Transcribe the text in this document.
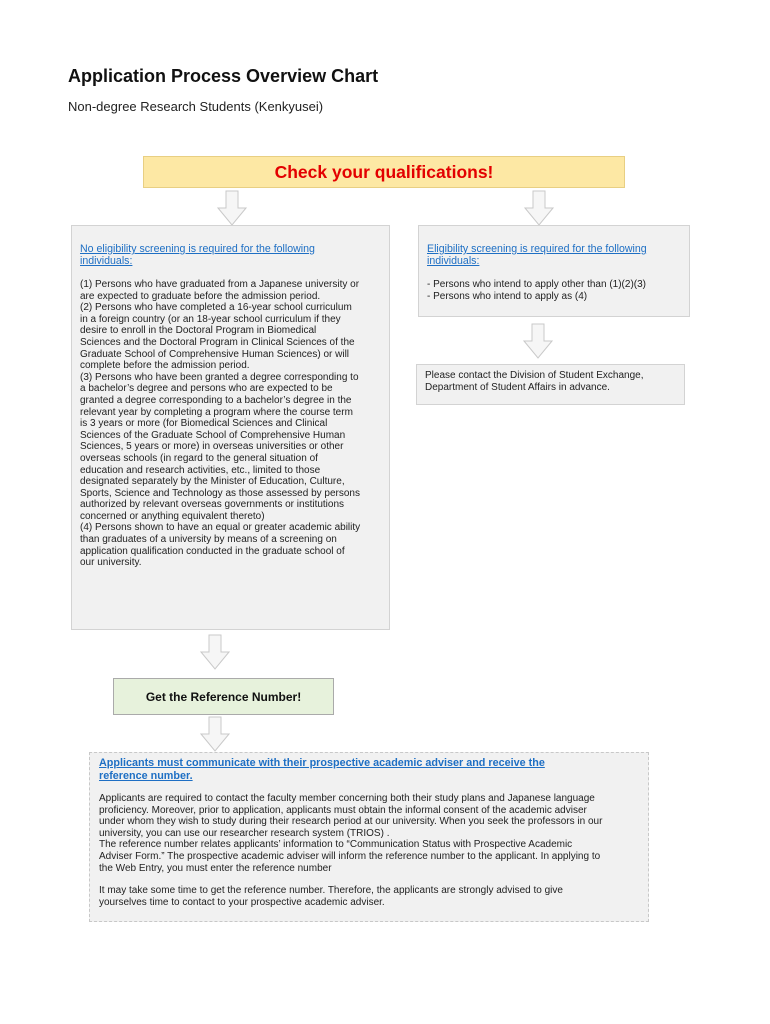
Application Process Overview Chart
Non-degree Research Students (Kenkyusei)
Check your qualifications!
No eligibility screening is required for the following
individuals:
(1) Persons who have graduated from a Japanese university or
are expected to graduate before the admission period.
(2) Persons who have completed a 16-year school curriculum
in a foreign country (or an 18-year school curriculum if they
desire to enroll in the Doctoral Program in Biomedical
Sciences and the Doctoral Program in Clinical Sciences of the
Graduate School of Comprehensive Human Sciences) or will
complete before the admission period.
(3) Persons who have been granted a degree corresponding to
a bachelor’s degree and persons who are expected to be
granted a degree corresponding to a bachelor’s degree in the
relevant year by completing a program where the course term
is 3 years or more (for Biomedical Sciences and Clinical
Sciences of the Graduate School of Comprehensive Human
Sciences, 5 years or more) in overseas universities or other
overseas schools (in regard to the general situation of
education and research activities, etc., limited to those
designated separately by the Minister of Education, Culture,
Sports, Science and Technology as those assessed by persons
authorized by relevant overseas governments or institutions
concerned or anything equivalent thereto)
(4) Persons shown to have an equal or greater academic ability
than graduates of a university by means of a screening on
application qualification conducted in the graduate school of
our university.
Eligibility screening is required for the following
individuals:
- Persons who intend to apply other than (1)(2)(3)
- Persons who intend to apply as (4)
Please contact the Division of Student Exchange,
Department of Student Affairs in advance.
Get the Reference Number!
Applicants must communicate with their prospective academic adviser and receive the
reference number.
Applicants are required to contact the faculty member concerning both their study plans and Japanese language
proficiency. Moreover, prior to application, applicants must obtain the informal consent of the academic adviser
under whom they wish to study during their research period at our university. When you seek the professors in our
university, you can use our researcher research system (TRIOS) .
The reference number relates applicants’ information to “Communication Status with Prospective Academic
Adviser Form.” The prospective academic adviser will inform the reference number to the applicant. In applying to
the Web Entry, you must enter the reference number
It may take some time to get the reference number. Therefore, the applicants are strongly advised to give
yourselves time to contact to your prospective academic adviser.
